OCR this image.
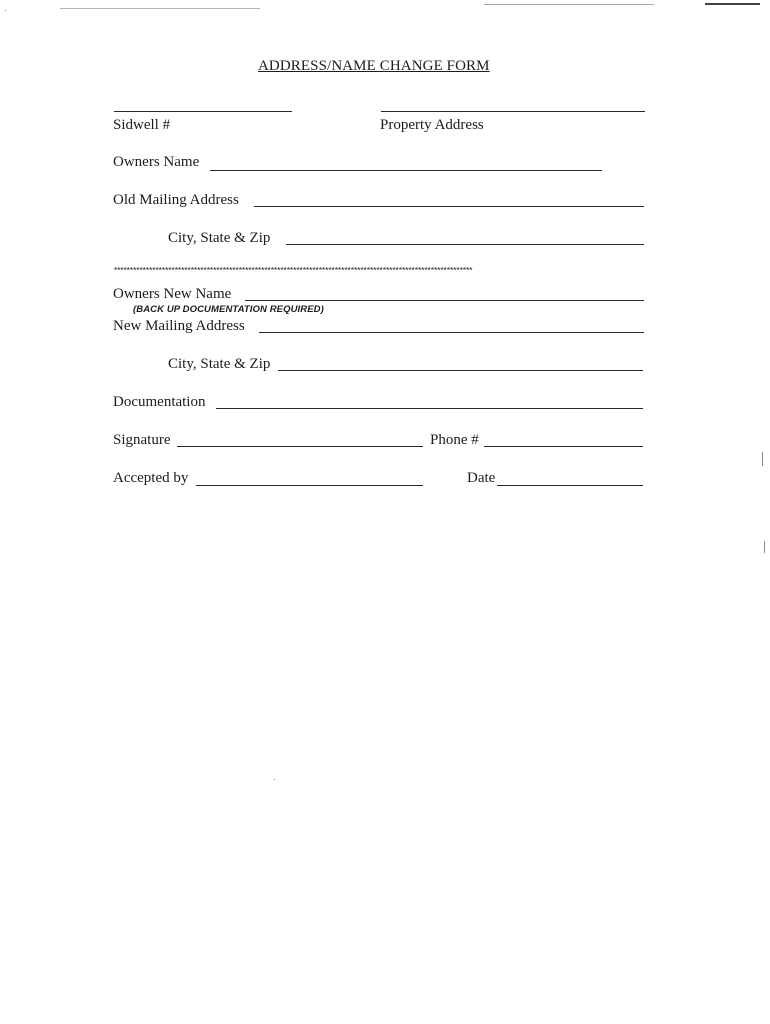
ADDRESS/NAME CHANGE FORM
Sidwell #	Property Address
Owners Name
Old Mailing Address
City, State & Zip
****************************************************************************************************************
Owners New Name
(BACK UP DOCUMENTATION REQUIRED)
New Mailing Address
City, State & Zip
Documentation
Signature	Phone #
Accepted by	Date
